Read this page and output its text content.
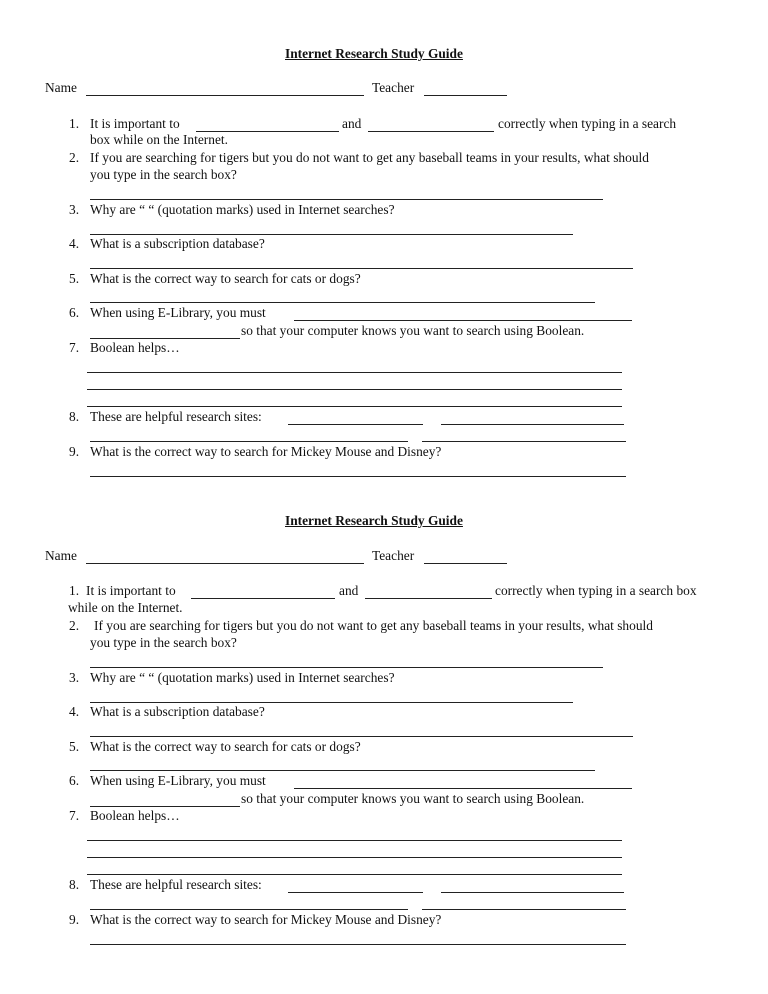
Internet Research Study Guide
Name	Teacher
1. It is important to	and	correctly when typing in a search
box while on the Internet.
2. If you are searching for tigers but you do not want to get any baseball teams in your results, what should
you type in the search box?
3. Why are “ “ (quotation marks) used in Internet searches?
4. What is a subscription database?
5. What is the correct way to search for cats or dogs?
6. When using E-Library, you must
so that your computer knows you want to search using Boolean.
7. Boolean helps…
8. These are helpful research sites:
9. What is the correct way to search for Mickey Mouse and Disney?
Internet Research Study Guide
Name	Teacher
1. It is important to	and	correctly when typing in a search box
while on the Internet.
2. If you are searching for tigers but you do not want to get any baseball teams in your results, what should
you type in the search box?
3. Why are “ “ (quotation marks) used in Internet searches?
4. What is a subscription database?
5. What is the correct way to search for cats or dogs?
6. When using E-Library, you must
so that your computer knows you want to search using Boolean.
7. Boolean helps…
8. These are helpful research sites:
9. What is the correct way to search for Mickey Mouse and Disney?
